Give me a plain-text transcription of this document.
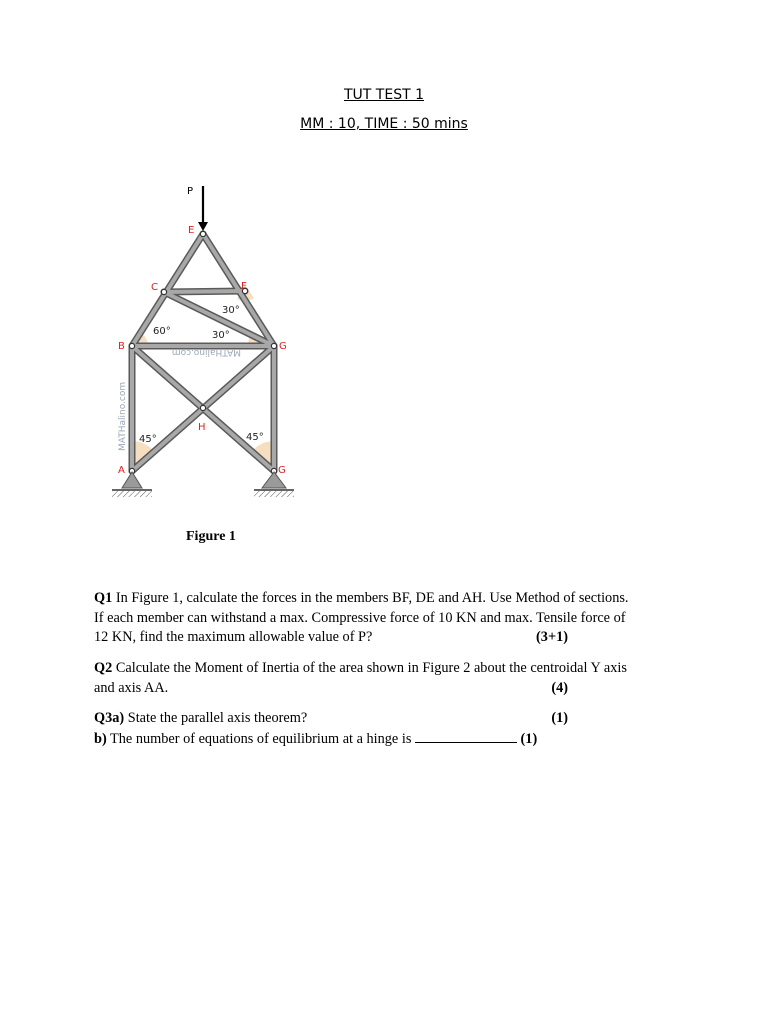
TUT TEST 1
MM : 10, TIME : 50 mins
P
E
C	F
B	G
H
A	G
60°
30°
30°
45°	45°
MATHalino.com
MATHalino.com
Figure 1
Q1 In Figure 1, calculate the forces in the members BF, DE and AH. Use Method of sections.
If each member can withstand a max. Compressive force of 10 KN and max. Tensile force of
12 KN, find the maximum allowable value of P?	(3+1)
Q2 Calculate the Moment of Inertia of the area shown in Figure 2 about the centroidal Y axis
and axis AA.	(4)
Q3a) State the parallel axis theorem?	(1)
b) The number of equations of equilibrium at a hinge is	(1)
